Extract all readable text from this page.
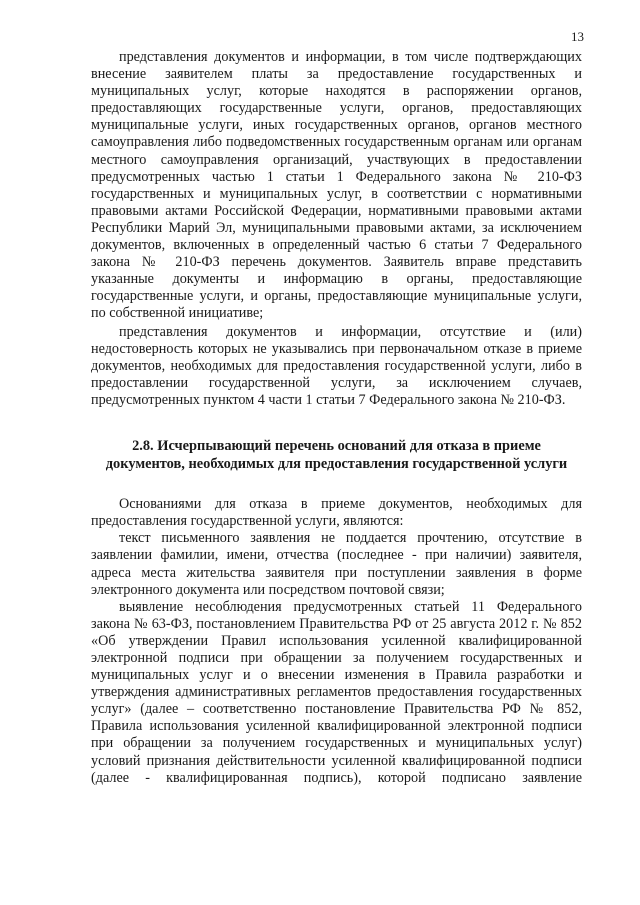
13

представления документов и информации, в том числе подтверждающих внесение заявителем платы за предоставление государственных и муниципальных услуг, которые находятся в распоряжении органов, предоставляющих государственные услуги, органов, предоставляющих муниципальные услуги, иных государственных органов, органов местного самоуправления либо подведомственных государственным органам или органам местного самоуправления организаций, участвующих в предоставлении предусмотренных частью 1 статьи 1 Федерального закона № 210-ФЗ государственных и муниципальных услуг, в соответствии с нормативными правовыми актами Российской Федерации, нормативными правовыми актами Республики Марий Эл, муниципальными правовыми актами, за исключением документов, включенных в определенный частью 6 статьи 7 Федерального закона № 210-ФЗ перечень документов. Заявитель вправе представить указанные документы и информацию в органы, предоставляющие государственные услуги, и органы, предоставляющие муниципальные услуги, по собственной инициативе;

представления документов и информации, отсутствие и (или) недостоверность которых не указывались при первоначальном отказе в приеме документов, необходимых для предоставления государственной услуги, либо в предоставлении государственной услуги, за исключением случаев, предусмотренных пунктом 4 части 1 статьи 7 Федерального закона № 210-ФЗ.

2.8. Исчерпывающий перечень оснований для отказа в приеме документов, необходимых для предоставления государственной услуги

Основаниями для отказа в приеме документов, необходимых для предоставления государственной услуги, являются:

текст письменного заявления не поддается прочтению, отсутствие в заявлении фамилии, имени, отчества (последнее - при наличии) заявителя, адреса места жительства заявителя при поступлении заявления в форме электронного документа или посредством почтовой связи;

выявление несоблюдения предусмотренных статьей 11 Федерального закона № 63-ФЗ, постановлением Правительства РФ от 25 августа 2012 г. № 852 «Об утверждении Правил использования усиленной квалифицированной электронной подписи при обращении за получением государственных и муниципальных услуг и о внесении изменения в Правила разработки и утверждения административных регламентов предоставления государственных услуг» (далее – соответственно постановление Правительства РФ № 852, Правила использования усиленной квалифицированной электронной подписи при обращении за получением государственных и муниципальных услуг) условий признания действительности усиленной квалифицированной подписи (далее - квалифицированная подпись), которой подписано заявление
